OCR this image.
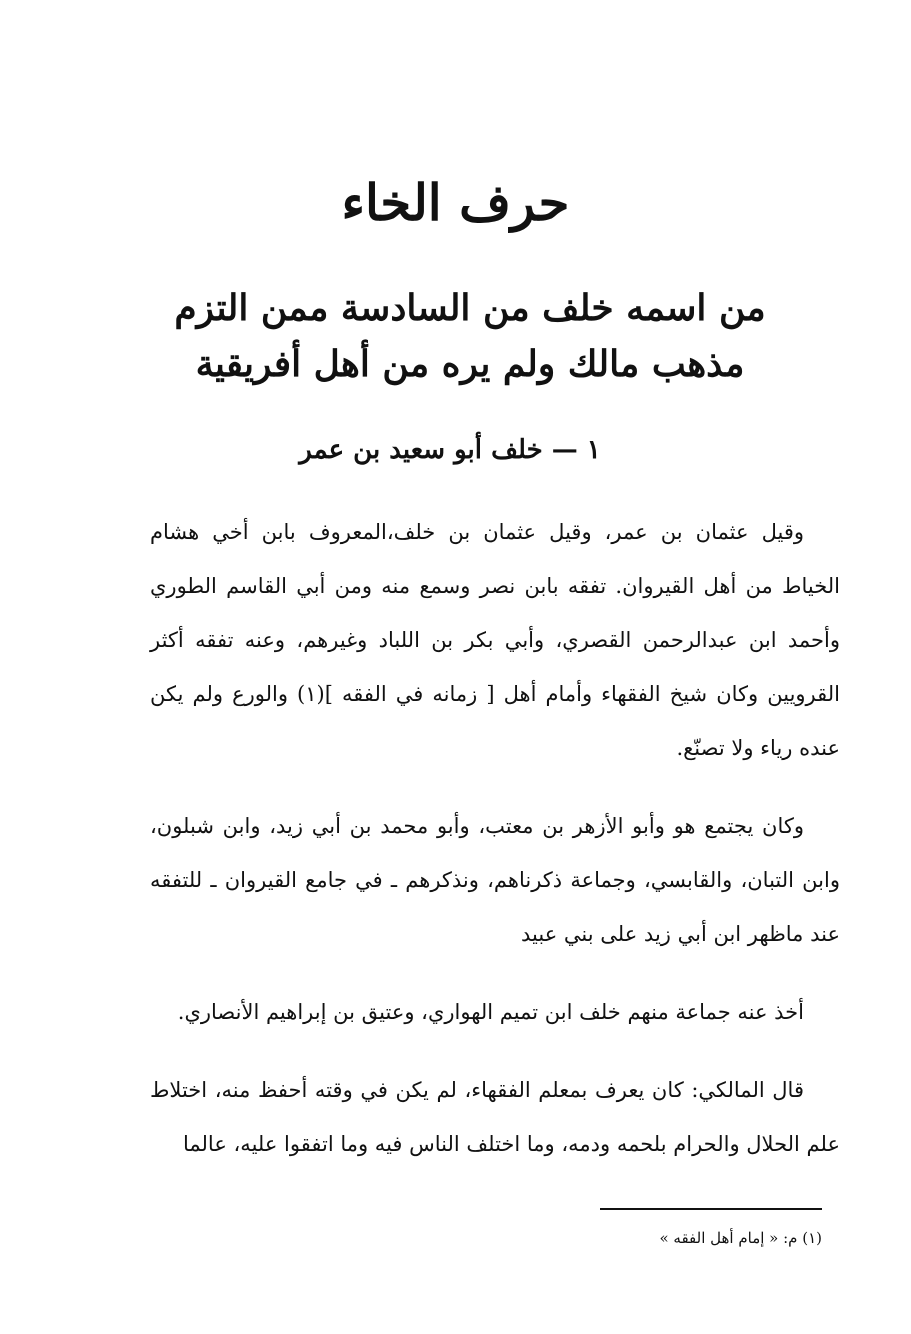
حرف الخاء
من اسمه خلف من السادسة ممن التزم مذهب مالك ولم يره من أهل أفريقية
١ — خلف أبو سعيد بن عمر

وقيل عثمان بن عمر، وقيل عثمان بن خلف،المعروف بابن أخي هشام الخياط من أهل القيروان. تفقه بابن نصر وسمع منه ومن أبي القاسم الطوري وأحمد ابن عبدالرحمن القصري، وأبي بكر بن اللباد وغيرهم، وعنه تفقه أكثر القرويين وكان شيخ الفقهاء وأمام أهل [ زمانه في الفقه ](١) والورع ولم يكن عنده رياء ولا تصنّع.

وكان يجتمع هو وأبو الأزهر بن معتب، وأبو محمد بن أبي زيد، وابن شبلون، وابن التبان، والقابسي، وجماعة ذكرناهم، ونذكرهم ـ في جامع القيروان ـ للتفقه عند ماظهر ابن أبي زيد على بني عبيد

أخذ عنه جماعة منهم خلف ابن تميم الهواري، وعتيق بن إبراهيم الأنصاري.

قال المالكي: كان يعرف بمعلم الفقهاء، لم يكن في وقته أحفظ منه، اختلاط علم الحلال والحرام بلحمه ودمه، وما اختلف الناس فيه وما اتفقوا عليه، عالما

(١) م: « إمام أهل الفقه »
